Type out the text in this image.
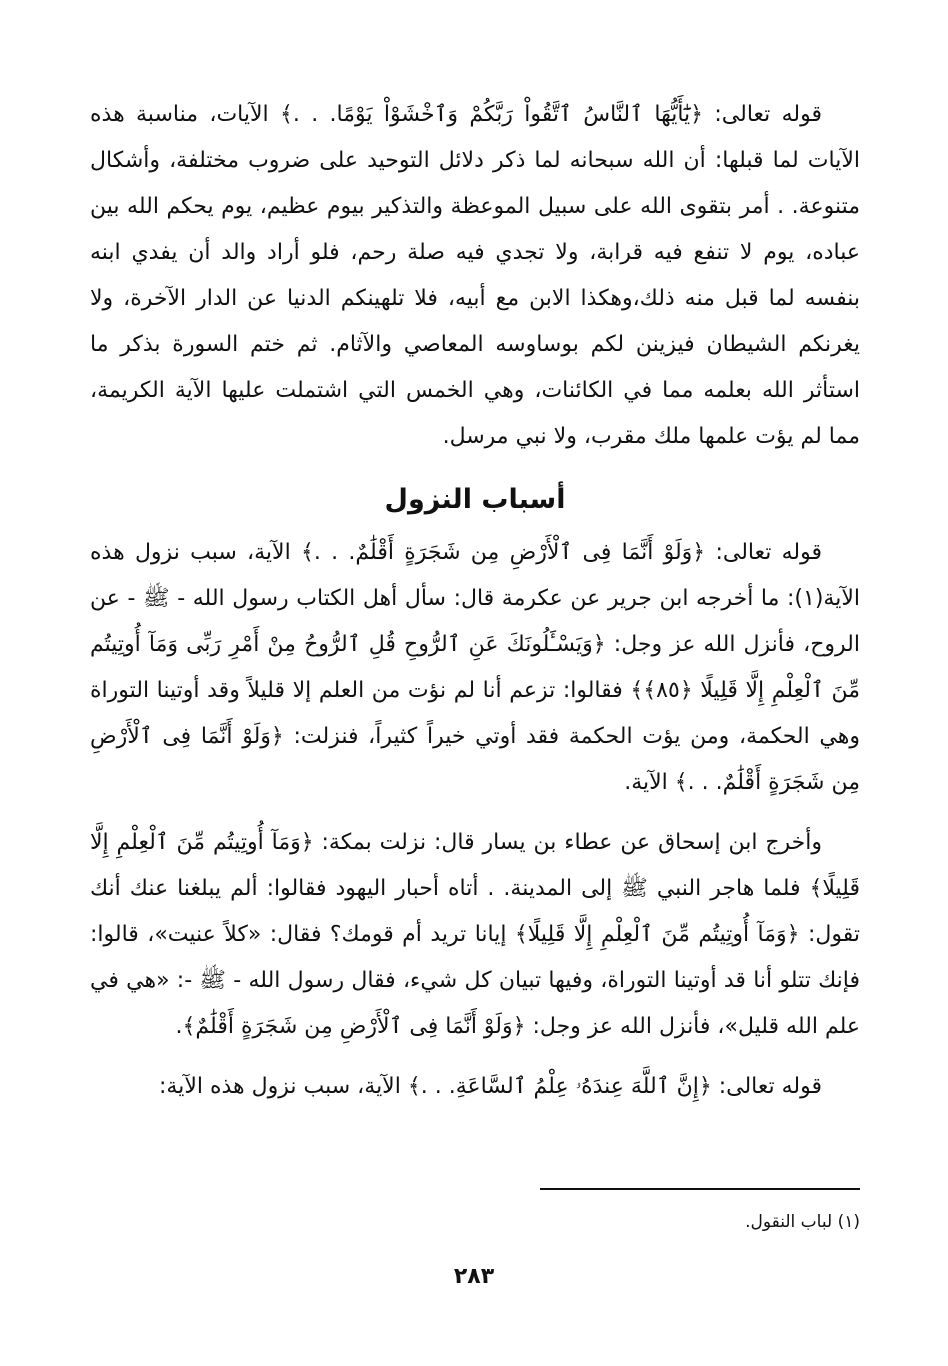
قوله تعالى: ﴿يَٰٓأَيُّهَا ٱلنَّاسُ ٱتَّقُواْ رَبَّكُمْ وَٱخْشَوْاْ يَوْمًا. . .﴾ الآيات، مناسبة هذه الآيات لما قبلها: أن الله سبحانه لما ذكر دلائل التوحيد على ضروب مختلفة، وأشكال متنوعة. . أمر بتقوى الله على سبيل الموعظة والتذكير بيوم عظيم، يوم يحكم الله بين عباده، يوم لا تنفع فيه قرابة، ولا تجدي فيه صلة رحم، فلو أراد والد أن يفدي ابنه بنفسه لما قبل منه ذلك،وهكذا الابن مع أبيه، فلا تلهينكم الدنيا عن الدار الآخرة، ولا يغرنكم الشيطان فيزينن لكم بوساوسه المعاصي والآثام. ثم ختم السورة بذكر ما استأثر الله بعلمه مما في الكائنات، وهي الخمس التي اشتملت عليها الآية الكريمة، مما لم يؤت علمها ملك مقرب، ولا نبي مرسل.

أسباب النزول

قوله تعالى: ﴿وَلَوْ أَنَّمَا فِى ٱلْأَرْضِ مِن شَجَرَةٍ أَقْلَٰمٌ. . .﴾ الآية، سبب نزول هذه الآية(١): ما أخرجه ابن جرير عن عكرمة قال: سأل أهل الكتاب رسول الله - ﷺ - عن الروح، فأنزل الله عز وجل: ﴿وَيَسْـَٔلُونَكَ عَنِ ٱلرُّوحِ قُلِ ٱلرُّوحُ مِنْ أَمْرِ رَبِّى وَمَآ أُوتِيتُم مِّنَ ٱلْعِلْمِ إِلَّا قَلِيلًا ﴿٨٥﴾﴾ فقالوا: تزعم أنا لم نؤت من العلم إلا قليلاً وقد أوتينا التوراة وهي الحكمة، ومن يؤت الحكمة فقد أوتي خيراً كثيراً، فنزلت: ﴿وَلَوْ أَنَّمَا فِى ٱلْأَرْضِ مِن شَجَرَةٍ أَقْلَٰمٌ. . .﴾ الآية.

وأخرج ابن إسحاق عن عطاء بن يسار قال: نزلت بمكة: ﴿وَمَآ أُوتِيتُم مِّنَ ٱلْعِلْمِ إِلَّا قَلِيلًا﴾ فلما هاجر النبي ﷺ إلى المدينة. . أتاه أحبار اليهود فقالوا: ألم يبلغنا عنك أنك تقول: ﴿وَمَآ أُوتِيتُم مِّنَ ٱلْعِلْمِ إِلَّا قَلِيلًا﴾ إيانا تريد أم قومك؟ فقال: «كلاً عنيت»، قالوا: فإنك تتلو أنا قد أوتينا التوراة، وفيها تبيان كل شيء، فقال رسول الله - ﷺ -: «هي في علم الله قليل»، فأنزل الله عز وجل: ﴿وَلَوْ أَنَّمَا فِى ٱلْأَرْضِ مِن شَجَرَةٍ أَقْلَٰمٌ﴾.

قوله تعالى: ﴿إِنَّ ٱللَّهَ عِندَهُۥ عِلْمُ ٱلسَّاعَةِ. . .﴾ الآية، سبب نزول هذه الآية:

(١) لباب النقول.
٢٨٣
